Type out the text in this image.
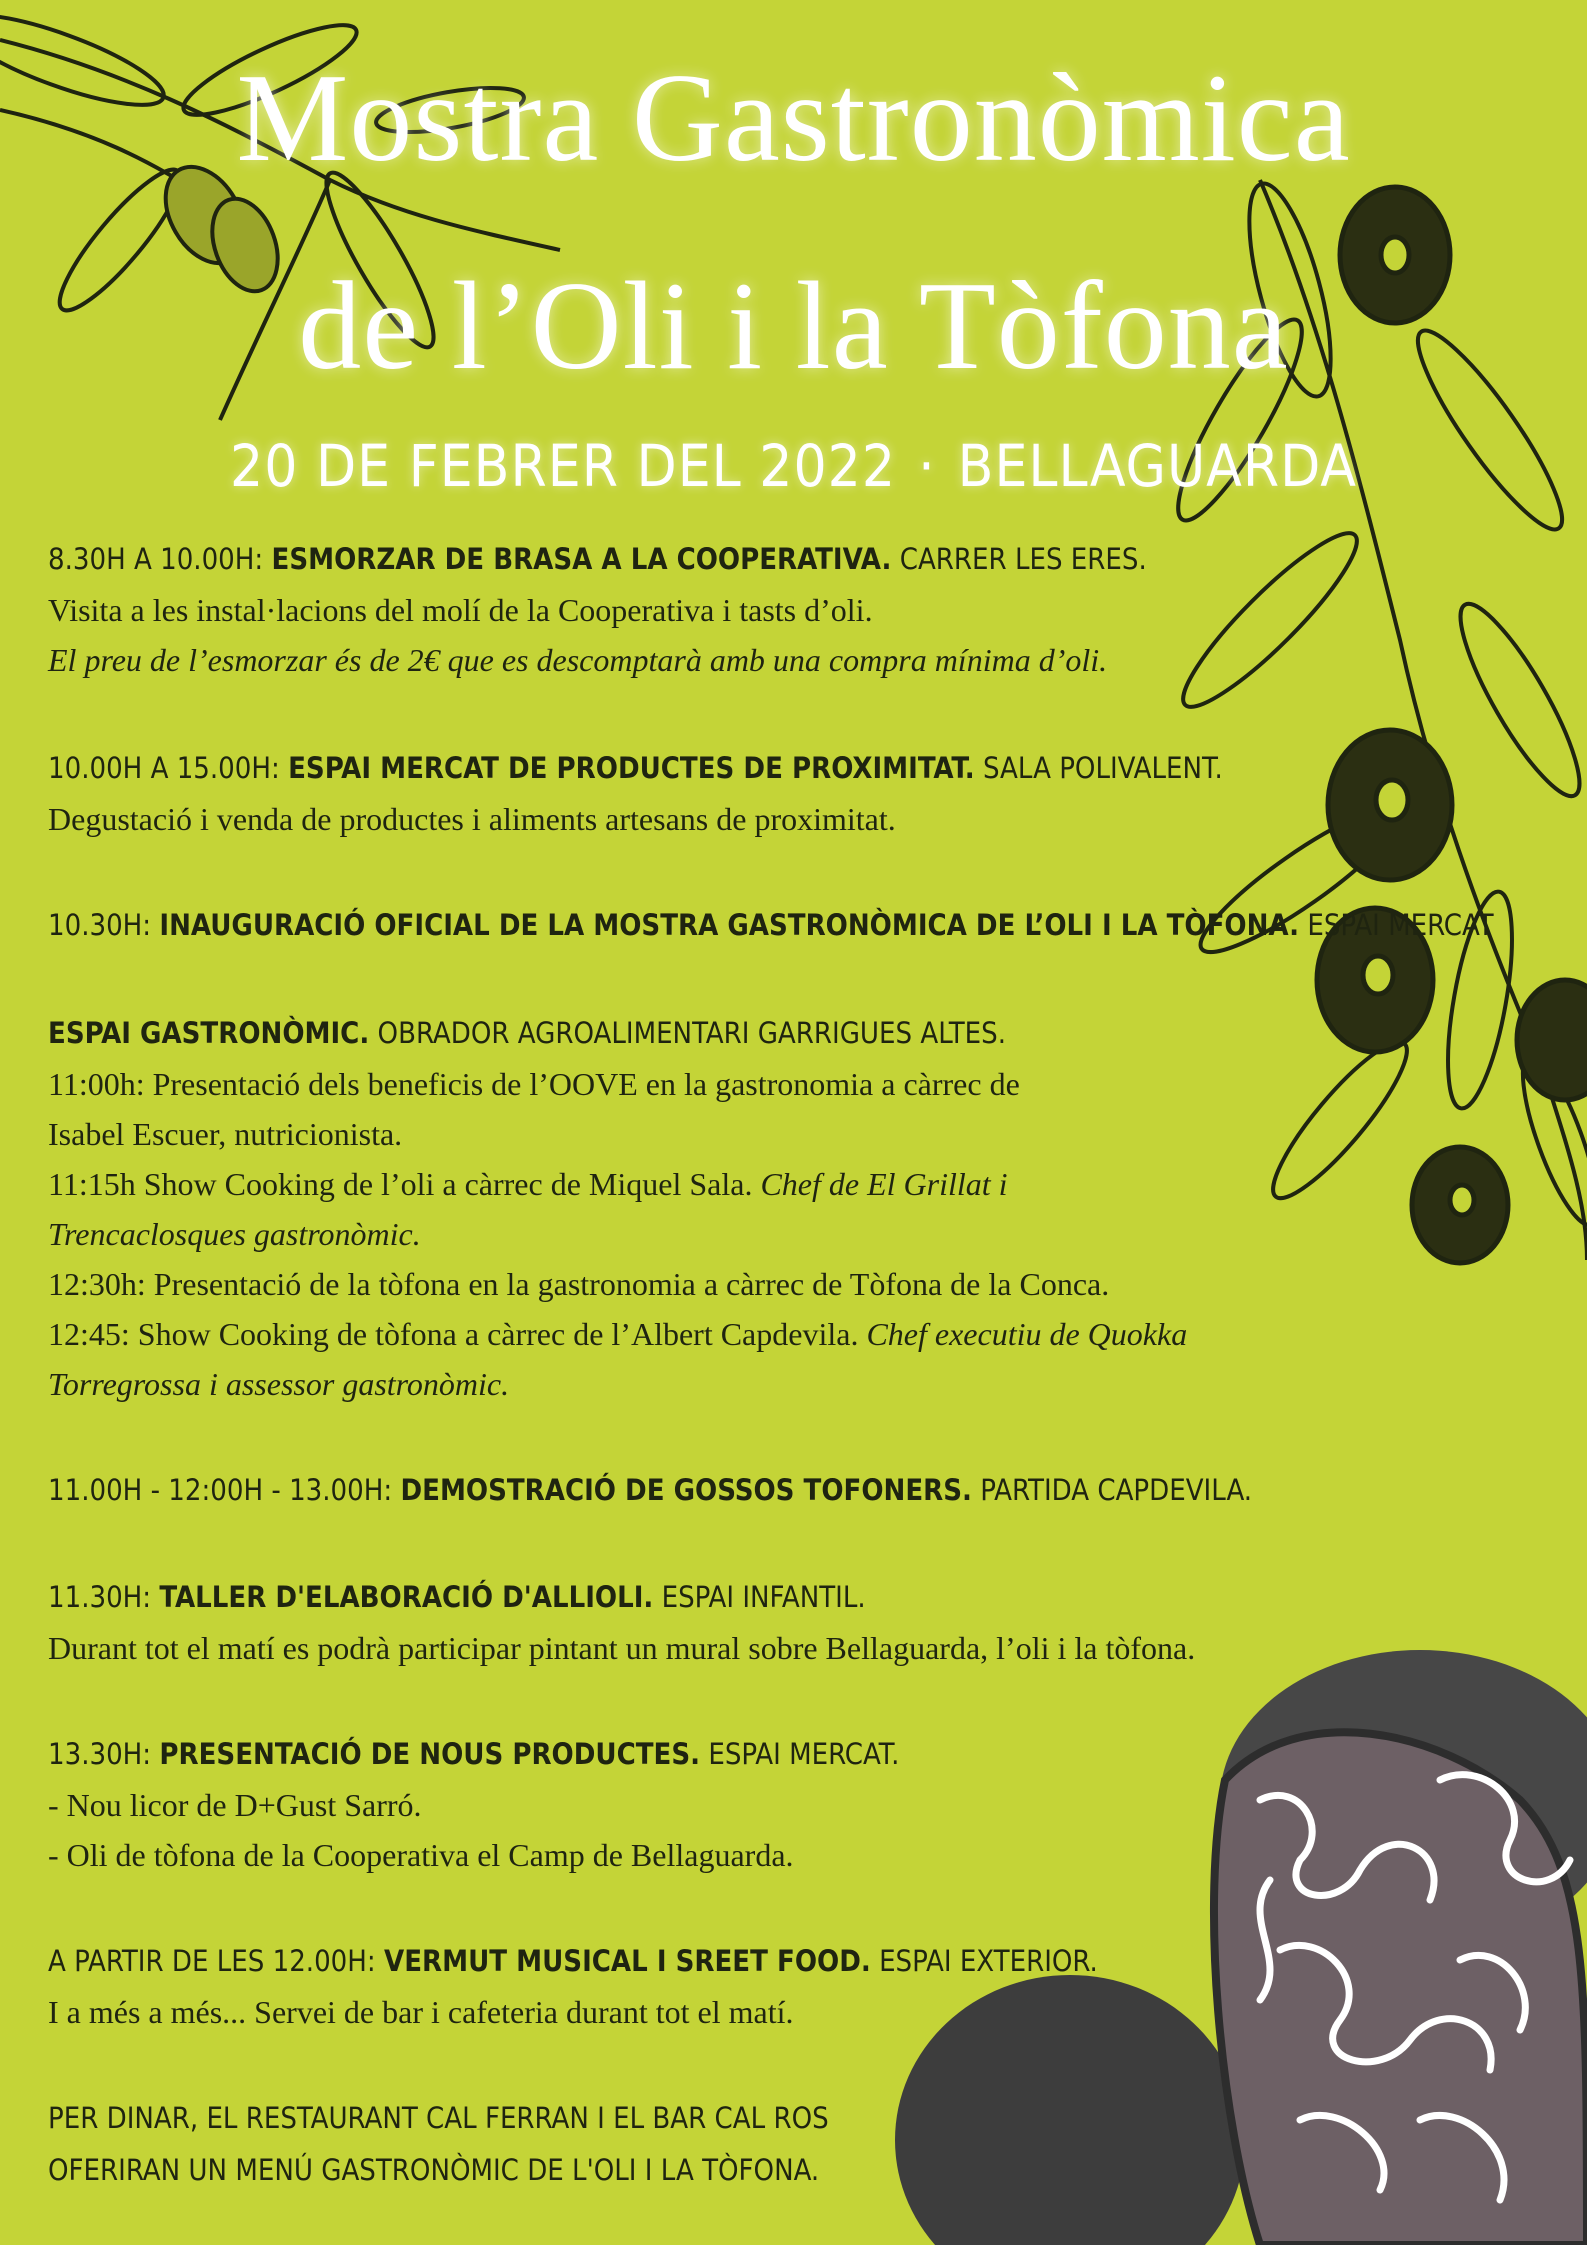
Mostra Gastronòmica
de l’Oli i la Tòfona
20 DE FEBRER DEL 2022 · BELLAGUARDA
8.30H A 10.00H: ESMORZAR DE BRASA A LA COOPERATIVA. CARRER LES ERES.
Visita a les instal·lacions del molí de la Cooperativa i tasts d’oli.
El preu de l’esmorzar és de 2€ que es descomptarà amb una compra mínima d’oli.
10.00H A 15.00H: ESPAI MERCAT DE PRODUCTES DE PROXIMITAT. SALA POLIVALENT.
Degustació i venda de productes i aliments artesans de proximitat.
10.30H: INAUGURACIÓ OFICIAL DE LA MOSTRA GASTRONÒMICA DE L’OLI I LA TÒFONA. ESPAI MERCAT
ESPAI GASTRONÒMIC. OBRADOR AGROALIMENTARI GARRIGUES ALTES.
11:00h: Presentació dels beneficis de l’OOVE en la gastronomia a càrrec de
Isabel Escuer, nutricionista.
11:15h Show Cooking de l’oli a càrrec de Miquel Sala. Chef de El Grillat i
Trencaclosques gastronòmic.
12:30h: Presentació de la tòfona en la gastronomia a càrrec de Tòfona de la Conca.
12:45: Show Cooking de tòfona a càrrec de l’Albert Capdevila. Chef executiu de Quokka
Torregrossa i assessor gastronòmic.
11.00H - 12:00H - 13.00H: DEMOSTRACIÓ DE GOSSOS TOFONERS. PARTIDA CAPDEVILA.
11.30H: TALLER D'ELABORACIÓ D'ALLIOLI. ESPAI INFANTIL.
Durant tot el matí es podrà participar pintant un mural sobre Bellaguarda, l’oli i la tòfona.
13.30H: PRESENTACIÓ DE NOUS PRODUCTES. ESPAI MERCAT.
- Nou licor de D+Gust Sarró.
- Oli de tòfona de la Cooperativa el Camp de Bellaguarda.
A PARTIR DE LES 12.00H: VERMUT MUSICAL I SREET FOOD. ESPAI EXTERIOR.
I a més a més... Servei de bar i cafeteria durant tot el matí.
PER DINAR, EL RESTAURANT CAL FERRAN I EL BAR CAL ROS
OFERIRAN UN MENÚ GASTRONÒMIC DE L'OLI I LA TÒFONA.
